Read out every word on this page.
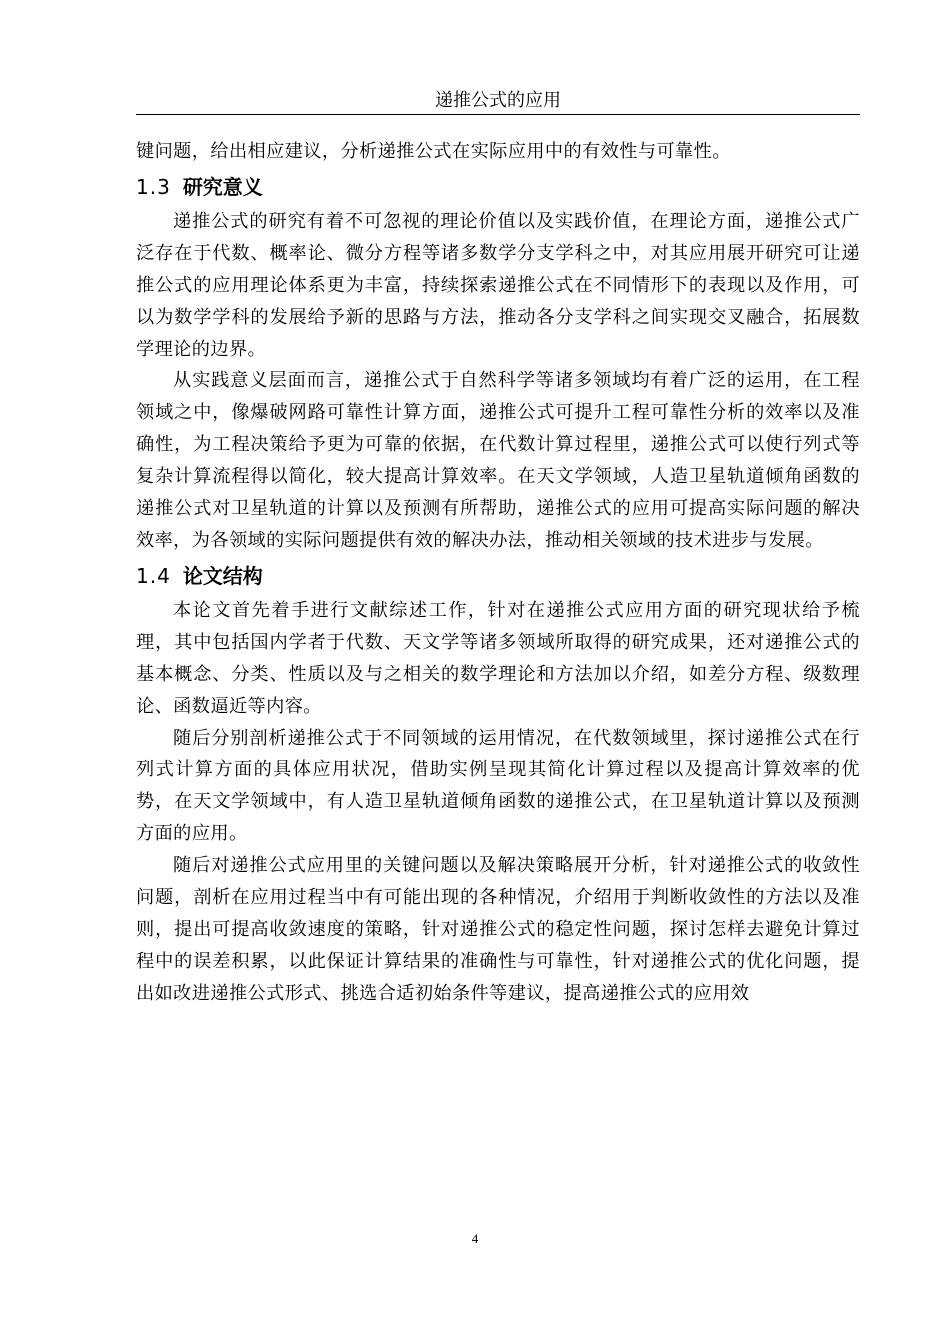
递推公式的应用

键问题，给出相应建议，分析递推公式在实际应用中的有效性与可靠性。

1.3 研究意义

递推公式的研究有着不可忽视的理论价值以及实践价值，在理论方面，递推公式广泛存在于代数、概率论、微分方程等诸多数学分支学科之中，对其应用展开研究可让递推公式的应用理论体系更为丰富，持续探索递推公式在不同情形下的表现以及作用，可以为数学学科的发展给予新的思路与方法，推动各分支学科之间实现交叉融合，拓展数学理论的边界。

从实践意义层面而言，递推公式于自然科学等诸多领域均有着广泛的运用，在工程领域之中，像爆破网路可靠性计算方面，递推公式可提升工程可靠性分析的效率以及准确性，为工程决策给予更为可靠的依据，在代数计算过程里，递推公式可以使行列式等复杂计算流程得以简化，较大提高计算效率。在天文学领域，人造卫星轨道倾角函数的递推公式对卫星轨道的计算以及预测有所帮助，递推公式的应用可提高实际问题的解决效率，为各领域的实际问题提供有效的解决办法，推动相关领域的技术进步与发展。

1.4 论文结构

本论文首先着手进行文献综述工作，针对在递推公式应用方面的研究现状给予梳理，其中包括国内学者于代数、天文学等诸多领域所取得的研究成果，还对递推公式的基本概念、分类、性质以及与之相关的数学理论和方法加以介绍，如差分方程、级数理论、函数逼近等内容。

随后分别剖析递推公式于不同领域的运用情况，在代数领域里，探讨递推公式在行列式计算方面的具体应用状况，借助实例呈现其简化计算过程以及提高计算效率的优势，在天文学领域中，有人造卫星轨道倾角函数的递推公式，在卫星轨道计算以及预测方面的应用。

随后对递推公式应用里的关键问题以及解决策略展开分析，针对递推公式的收敛性问题，剖析在应用过程当中有可能出现的各种情况，介绍用于判断收敛性的方法以及准则，提出可提高收敛速度的策略，针对递推公式的稳定性问题，探讨怎样去避免计算过程中的误差积累，以此保证计算结果的准确性与可靠性，针对递推公式的优化问题，提出如改进递推公式形式、挑选合适初始条件等建议，提高递推公式的应用效

4
